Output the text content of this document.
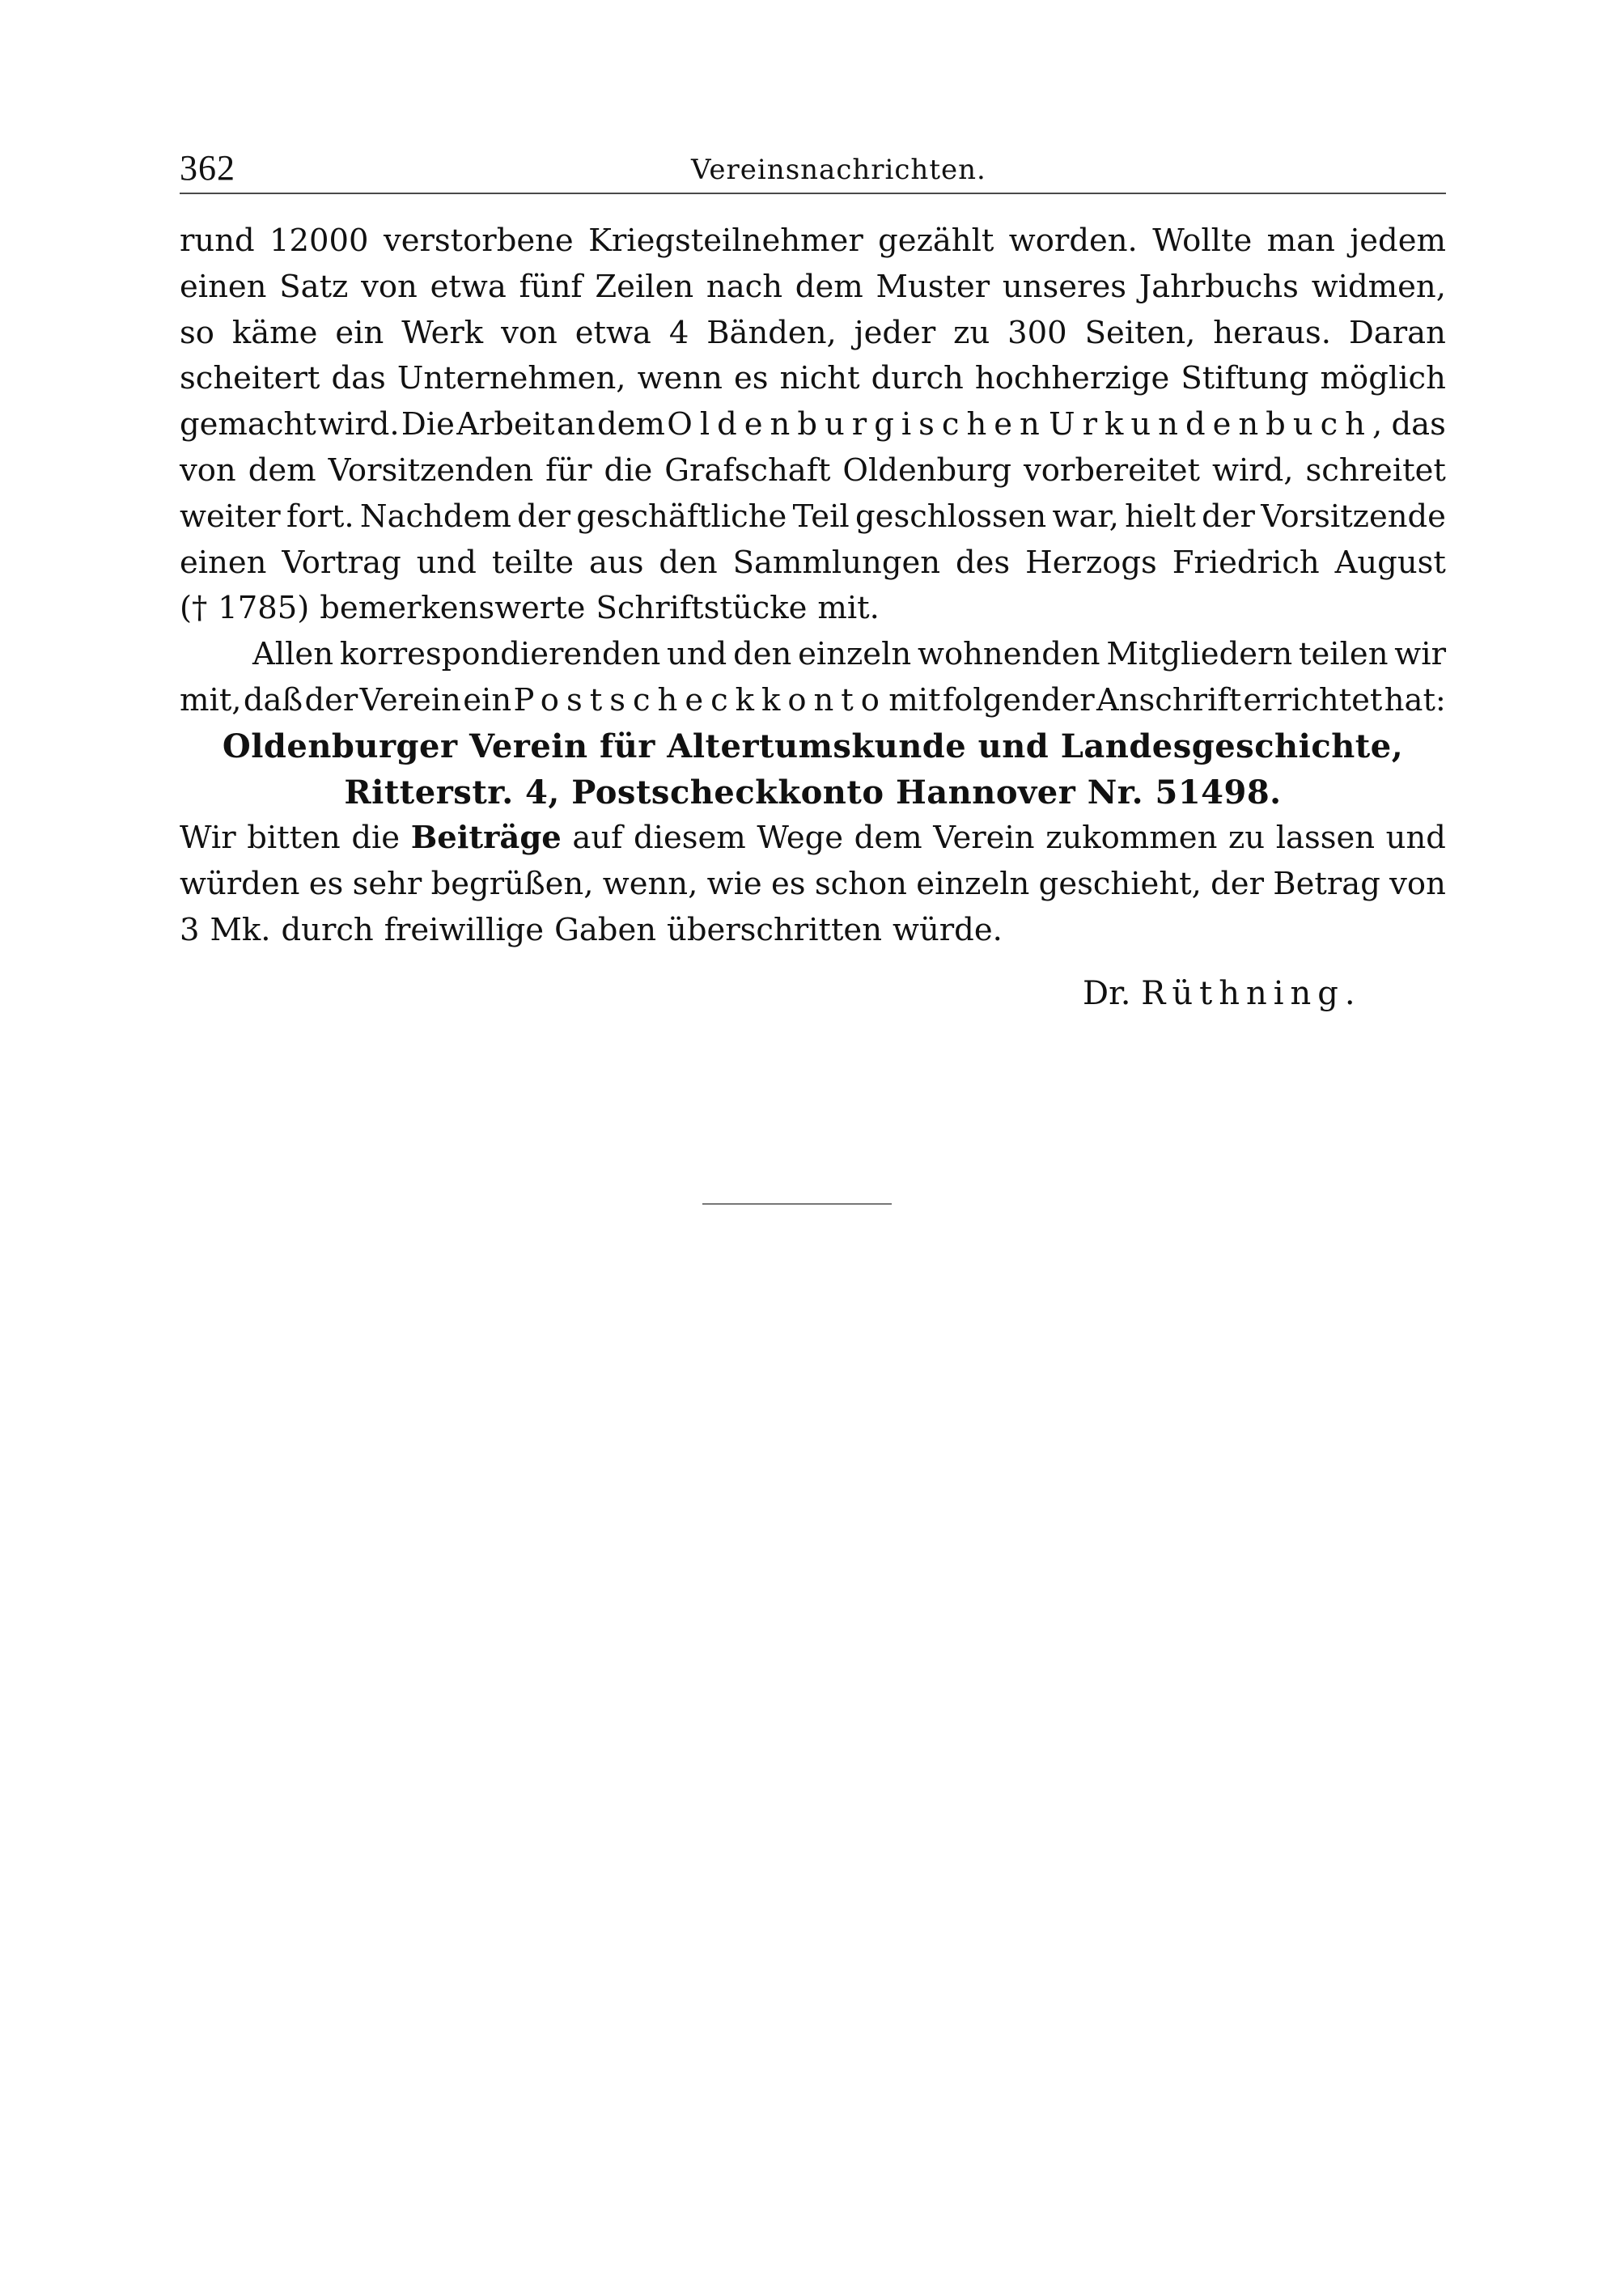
362	Vereinsnachrichten.
rund 12000 verstorbene Kriegsteilnehmer gezählt worden. Wollte man jedem
einen Satz von etwa fünf Zeilen nach dem Muster unseres Jahrbuchs widmen,
so käme ein Werk von etwa 4 Bänden, jeder zu 300 Seiten, heraus. Daran
scheitert das Unternehmen, wenn es nicht durch hochherzige Stiftung möglich
gemacht wird. Die Arbeit an dem Oldenburgischen Urkundenbuch, das
von dem Vorsitzenden für die Grafschaft Oldenburg vorbereitet wird, schreitet
weiter fort. Nachdem der geschäftliche Teil geschlossen war, hielt der Vorsitzende
einen Vortrag und teilte aus den Sammlungen des Herzogs Friedrich August
(† 1785) bemerkenswerte Schriftstücke mit.
Allen korrespondierenden und den einzeln wohnenden Mitgliedern teilen wir
mit, daß der Verein ein Postscheckkonto mit folgender Anschrift errichtet hat:
Oldenburger Verein für Altertumskunde und Landesgeschichte,
Ritterstr. 4, Postscheckkonto Hannover Nr. 51498.
Wir bitten die Beiträge auf diesem Wege dem Verein zukommen zu lassen und
würden es sehr begrüßen, wenn, wie es schon einzeln geschieht, der Betrag von
3 Mk. durch freiwillige Gaben überschritten würde.
Dr. Rüthning.
